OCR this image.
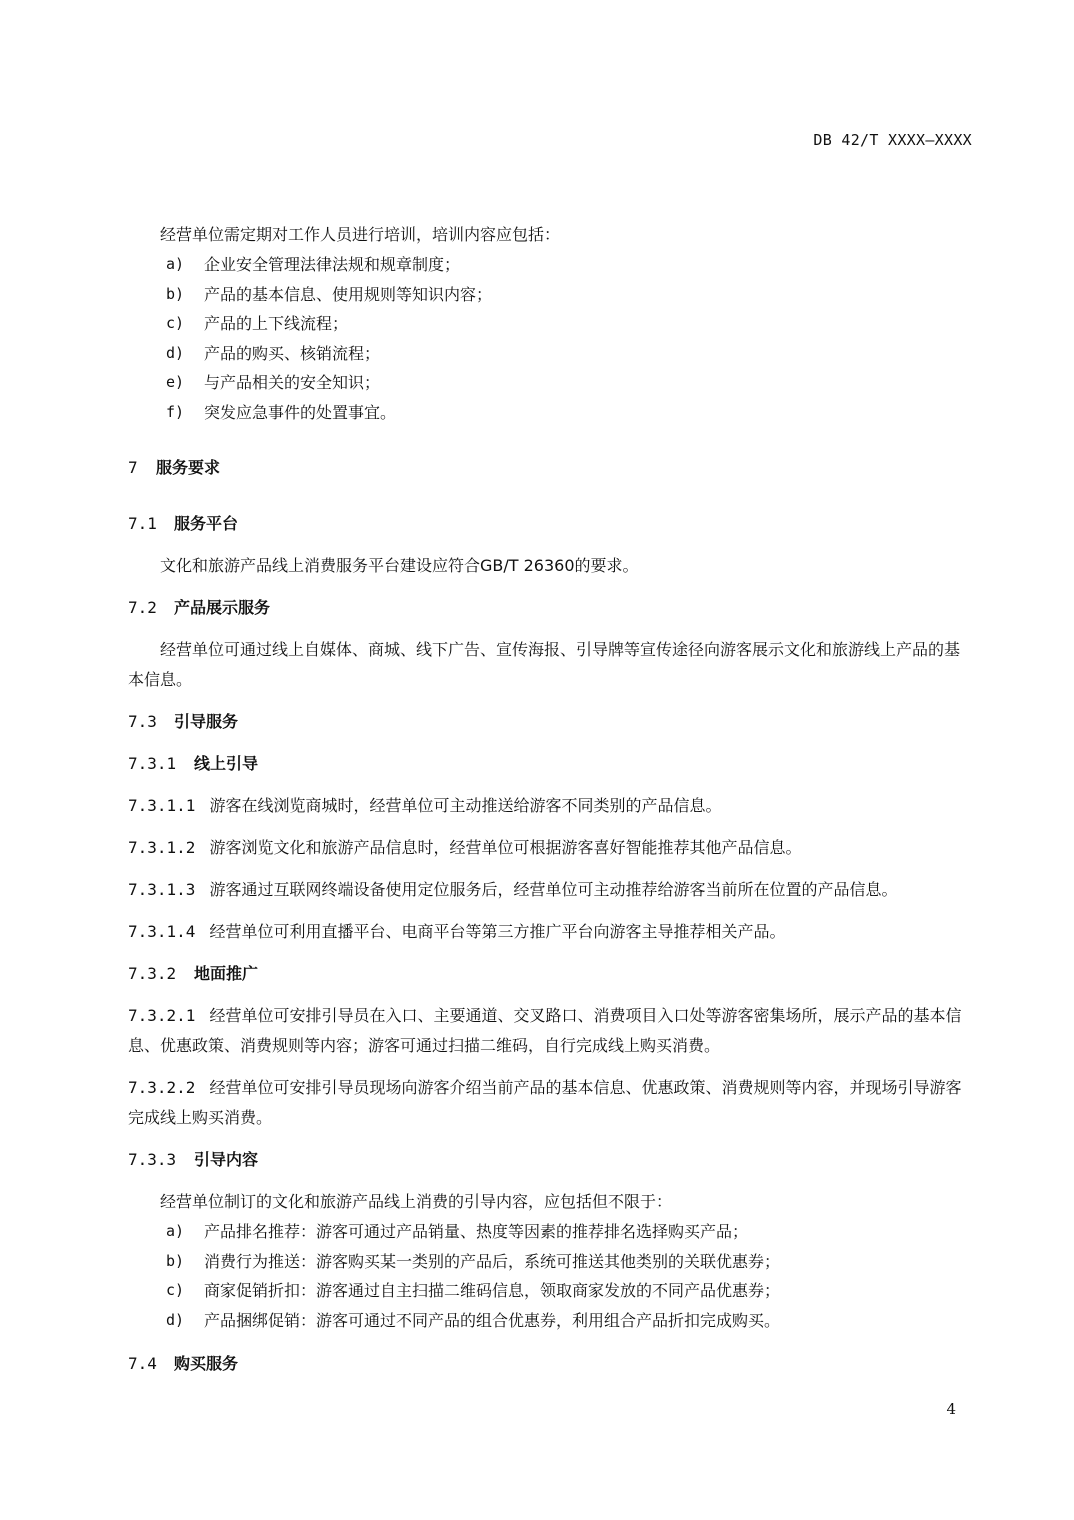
DB 42/T XXXX—XXXX

经营单位需定期对工作人员进行培训，培训内容应包括：

a)	企业安全管理法律法规和规章制度；
b)	产品的基本信息、使用规则等知识内容；
c)	产品的上下线流程；
d)	产品的购买、核销流程；
e)	与产品相关的安全知识；
f)	突发应急事件的处置事宜。

7 服务要求

7.1 服务平台

文化和旅游产品线上消费服务平台建设应符合GB/T 26360的要求。

7.2 产品展示服务

经营单位可通过线上自媒体、商城、线下广告、宣传海报、引导牌等宣传途径向游客展示文化和旅游线上产品的基本信息。

7.3 引导服务

7.3.1 线上引导

7.3.1.1 游客在线浏览商城时，经营单位可主动推送给游客不同类别的产品信息。

7.3.1.2 游客浏览文化和旅游产品信息时，经营单位可根据游客喜好智能推荐其他产品信息。

7.3.1.3 游客通过互联网终端设备使用定位服务后，经营单位可主动推荐给游客当前所在位置的产品信息。

7.3.1.4 经营单位可利用直播平台、电商平台等第三方推广平台向游客主导推荐相关产品。

7.3.2 地面推广

7.3.2.1 经营单位可安排引导员在入口、主要通道、交叉路口、消费项目入口处等游客密集场所，展示产品的基本信息、优惠政策、消费规则等内容；游客可通过扫描二维码，自行完成线上购买消费。

7.3.2.2 经营单位可安排引导员现场向游客介绍当前产品的基本信息、优惠政策、消费规则等内容，并现场引导游客完成线上购买消费。

7.3.3 引导内容

经营单位制订的文化和旅游产品线上消费的引导内容，应包括但不限于：

a)	产品排名推荐：游客可通过产品销量、热度等因素的推荐排名选择购买产品；
b)	消费行为推送：游客购买某一类别的产品后，系统可推送其他类别的关联优惠券；
c)	商家促销折扣：游客通过自主扫描二维码信息，领取商家发放的不同产品优惠券；
d)	产品捆绑促销：游客可通过不同产品的组合优惠券，利用组合产品折扣完成购买。

7.4 购买服务

4
